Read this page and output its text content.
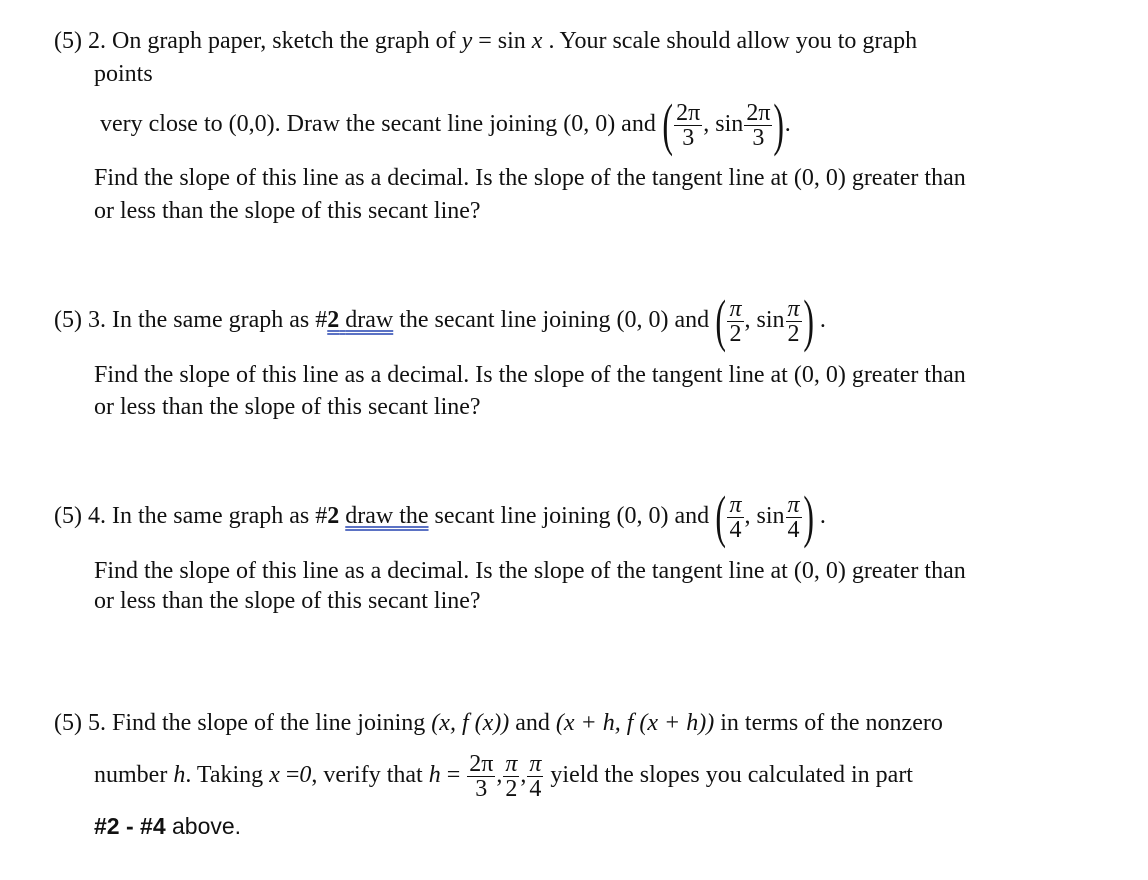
(5) 2. On graph paper, sketch the graph of y = sin x . Your scale should allow you to graph
points
very close to (0,0). Draw the secant line joining (0, 0) and ( $\frac{2\pi}{3}$ , $\sin \frac{2\pi}{3}$ ).
Find the slope of this line as a decimal. Is the slope of the tangent line at (0, 0) greater than
or less than the slope of this secant line?
(5) 3. In the same graph as #2 draw the secant line joining (0, 0) and ( $\frac{\pi}{2}$ , $\sin \frac{\pi}{2}$ ) .
Find the slope of this line as a decimal. Is the slope of the tangent line at (0, 0) greater than
or less than the slope of this secant line?
(5) 4. In the same graph as #2 draw the secant line joining (0, 0) and ( $\frac{\pi}{4}$ , $\sin \frac{\pi}{4}$ ) .
Find the slope of this line as a decimal. Is the slope of the tangent line at (0, 0) greater than
or less than the slope of this secant line?
(5) 5. Find the slope of the line joining (x, f (x)) and (x + h, f (x + h)) in terms of the nonzero
number h. Taking x =0, verify that $h = \frac{2\pi}{3}$ , $\frac{\pi}{2}$ , $\frac{\pi}{4}$ yield the slopes you calculated in part
#2 - #4 above.
